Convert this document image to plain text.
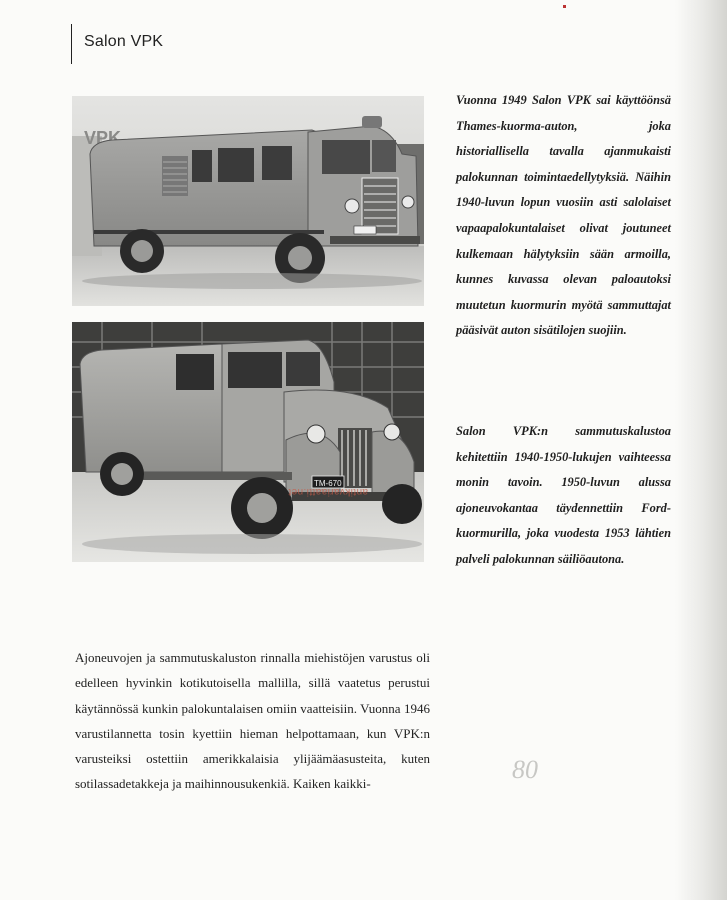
Salon VPK
VPK
TM-670
antikvariaatti.net
Vuonna 1949 Salon VPK sai käyttöönsä Thames-kuorma-auton, joka historiallisella tavalla ajanmukaisti palokunnan toimintaedellytyksiä. Näihin 1940-luvun lopun vuosiin asti salolaiset vapaapalokuntalaiset olivat joutuneet kulkemaan hälytyksiin sään armoilla, kunnes kuvassa olevan paloautoksi muutetun kuormurin myötä sammuttajat pääsivät auton sisätilojen suojiin.
Salon VPK:n sammutuskalustoa kehitettiin 1940-1950-lukujen vaihteessa monin tavoin. 1950-luvun alussa ajoneuvokantaa täydennettiin Ford-kuormurilla, joka vuodesta 1953 lähtien palveli palokunnan säiliöautona.
Ajoneuvojen ja sammutuskaluston rinnalla miehistöjen varustus oli edelleen hyvinkin kotikutoisella mallilla, sillä vaatetus perustui käytännössä kunkin palokuntalaisen omiin vaatteisiin. Vuonna 1946 varustilannetta tosin kyettiin hieman helpottamaan, kun VPK:n varusteiksi ostettiin amerikkalaisia ylijäämäasusteita, kuten sotilassadetakkeja ja maihinnousukenkiä. Kaiken kaikki-	80
